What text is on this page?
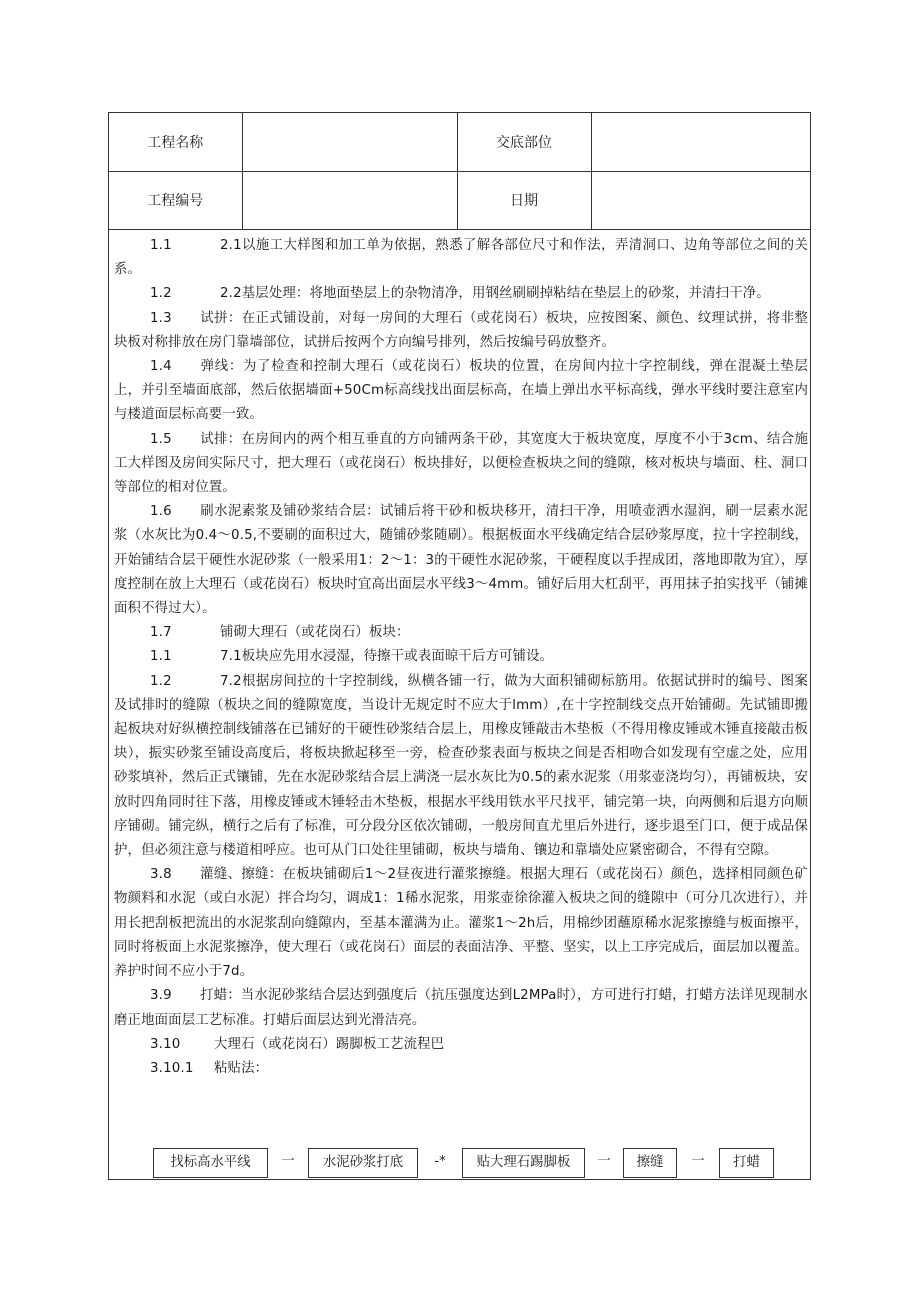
工程名称		交底部位	
工程编号		日期	

1.1	2.1以施工大样图和加工单为依据，熟悉了解各部位尺寸和作法，弄清洞口、边角等部位之间的关系。

1.2	2.2基层处理：将地面垫层上的杂物清净，用钢丝刷刷掉粘结在垫层上的砂浆，并清扫干净。

1.3 试拼：在正式铺设前，对每一房间的大理石（或花岗石）板块，应按图案、颜色、纹理试拼，将非整块板对称排放在房门靠墙部位，试拼后按两个方向编号排列，然后按编号码放整齐。

1.4 弹线：为了检查和控制大理石（或花岗石）板块的位置，在房间内拉十字控制线，弹在混凝土垫层上，并引至墙面底部，然后依据墙面+50Cm标高线找出面层标高，在墙上弹出水平标高线，弹水平线时要注意室内与楼道面层标高要一致。

1.5 试排：在房间内的两个相互垂直的方向铺两条干砂，其宽度大于板块宽度，厚度不小于3cm、结合施工大样图及房间实际尺寸，把大理石（或花岗石）板块排好，以便检查板块之间的缝隙，核对板块与墙面、柱、洞口等部位的相对位置。

1.6 刷水泥素浆及铺砂浆结合层：试铺后将干砂和板块移开，清扫干净，用喷壶洒水湿润，刷一层素水泥浆（水灰比为0.4～0.5,不要刷的面积过大，随铺砂浆随刷）。根据板面水平线确定结合层砂浆厚度，拉十字控制线，开始铺结合层干硬性水泥砂浆（一般采用1：2～1：3的干硬性水泥砂浆，干硬程度以手捏成团，落地即散为宜），厚度控制在放上大理石（或花岗石）板块时宜高出面层水平线3～4mm。铺好后用大杠刮平，再用抹子拍实找平（铺摊面积不得过大）。

1.7	铺砌大理石（或花岗石）板块：

1.1	7.1板块应先用水浸湿，待擦干或表面晾干后方可铺设。

1.2	7.2根据房间拉的十字控制线，纵横各铺一行，做为大面积铺砌标筋用。依据试拼时的编号、图案及试排时的缝隙（板块之间的缝隙宽度，当设计无规定时不应大于lmm）,在十字控制线交点开始铺砌。先试铺即搬起板块对好纵横控制线铺落在已铺好的干硬性砂浆结合层上，用橡皮锤敲击木垫板（不得用橡皮锤或木锤直接敲击板块），振实砂浆至铺设高度后，将板块掀起移至一旁，检查砂浆表面与板块之间是否相吻合如发现有空虚之处，应用砂浆填补，然后正式镶铺，先在水泥砂浆结合层上满浇一层水灰比为0.5的素水泥浆（用浆壶浇均匀），再铺板块，安放时四角同时往下落，用橡皮锤或木锤轻击木垫板，根据水平线用铁水平尺找平，铺完第一块，向两侧和后退方向顺序铺砌。铺完纵，横行之后有了标准，可分段分区依次铺砌，一般房间直尤里后外进行，逐步退至门口，便于成品保护，但必须注意与楼道相呼应。也可从门口处往里铺砌，板块与墙角、镶边和靠墙处应紧密砌合，不得有空隙。

3.8 灌缝、擦缝：在板块铺砌后1～2昼夜进行灌浆擦缝。根据大理石（或花岗石）颜色，选择相同颜色矿物颜料和水泥（或白水泥）拌合均匀，调成1：1稀水泥浆，用浆壶徐徐灌入板块之间的缝隙中（可分几次进行），并用长把刮板把流出的水泥浆刮向缝隙内，至基本灌满为止。灌浆1～2h后，用棉纱团蘸原稀水泥浆擦缝与板面擦平，同时将板面上水泥浆擦净，使大理石（或花岗石）面层的表面洁净、平整、坚实，以上工序完成后，面层加以覆盖。养护时间不应小于7d。

3.9 打蜡：当水泥砂浆结合层达到强度后（抗压强度达到L2MPa时），方可进行打蜡，打蜡方法详见现制水磨正地面面层工艺标准。打蜡后面层达到光滑洁亮。

3.10	大理石（或花岗石）踢脚板工艺流程巴

3.10.1 粘贴法：

找标高水平线	一	水泥砂浆打底	-*	贴大理石踢脚板	一	擦缝	一	打蜡
